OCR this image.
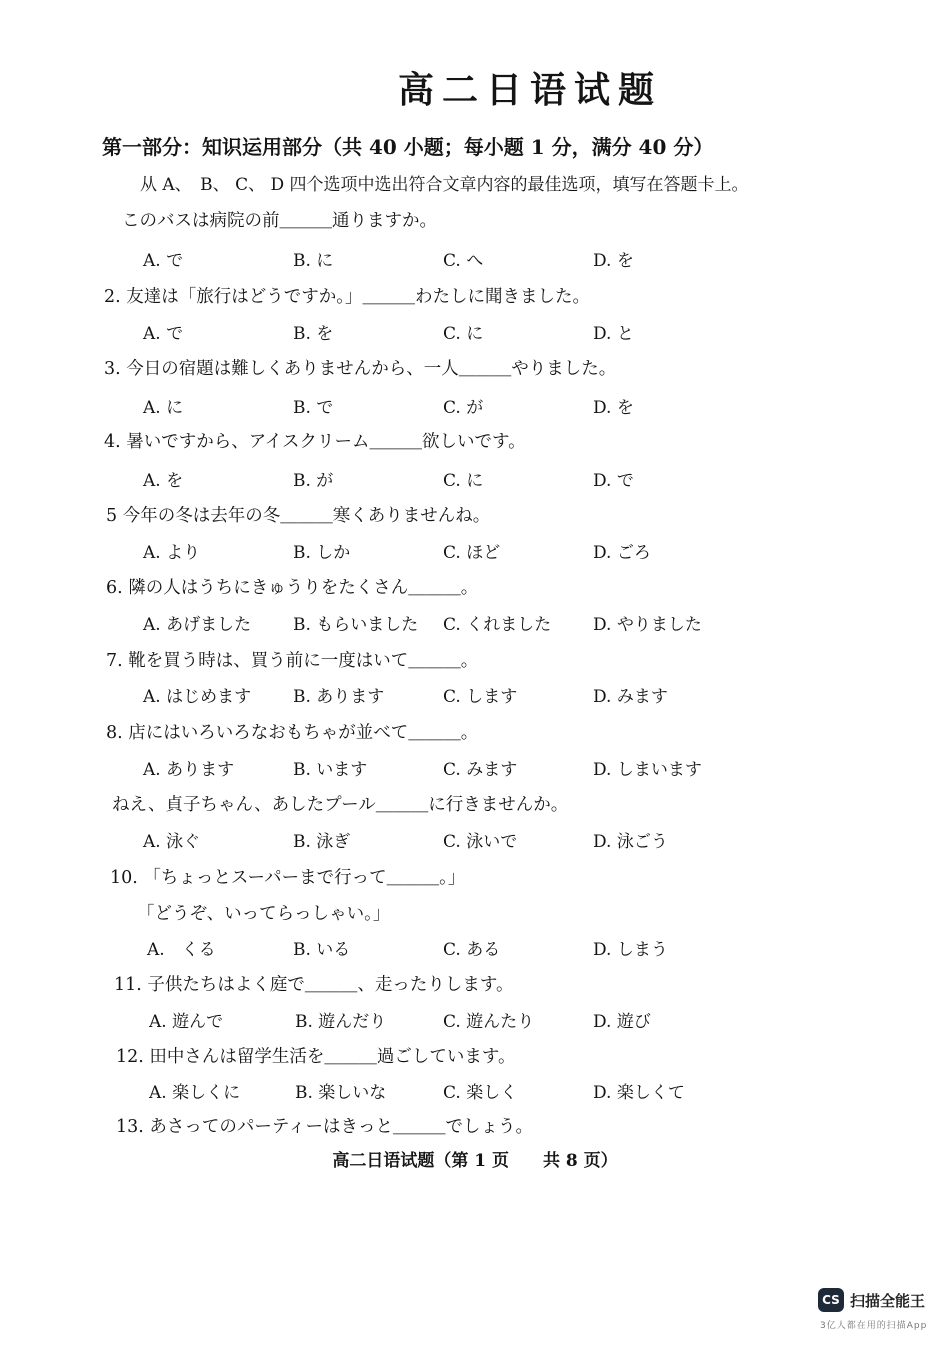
高二日语试题
第一部分：知识运用部分（共 40 小题；每小题 1 分，满分 40 分）
从 A、　B、 C、 D 四个选项中选出符合文章内容的最佳选项，填写在答题卡上。
このバスは病院の前＿＿＿通りますか。
A. で	B. に	C. へ	D. を
2. 友達は「旅行はどうですか。」＿＿＿わたしに聞きました。
A. で	B. を	C. に	D. と
3. 今日の宿題は難しくありませんから、一人＿＿＿やりました。
A. に	B. で	C. が	D. を
4. 暑いですから、アイスクリーム＿＿＿欲しいです。
A. を	B. が	C. に	D. で
5 今年の冬は去年の冬＿＿＿寒くありませんね。
A. より	B. しか	C. ほど	D. ごろ
6. 隣の人はうちにきゅうりをたくさん＿＿＿。
A. あげました B. もらいました C. くれました D. やりました
7. 靴を買う時は、買う前に一度はいて＿＿＿。
A. はじめます B. あります	C. します	D. みます
8. 店にはいろいろなおもちゃが並べて＿＿＿。
A. あります	B. います	C. みます	D. しまいます
ねえ、貞子ちゃん、あしたプール＿＿＿に行きませんか。
A. 泳ぐ	B. 泳ぎ	C. 泳いで	D. 泳ごう
10. 「ちょっとスーパーまで行って＿＿＿。」
「どうぞ、いってらっしゃい。」
A.　くる	B. いる	C. ある	D. しまう
11. 子供たちはよく庭で＿＿＿、走ったりします。
A. 遊んで	B. 遊んだり	C. 遊んたり	D. 遊び
12. 田中さんは留学生活を＿＿＿過ごしています。
A. 楽しくに	B. 楽しいな	C. 楽しく	D. 楽しくて
13. あさってのパーティーはきっと＿＿＿でしょう。
高二日语试题（第 1 页　　共 8 页）
CS 扫描全能王
3亿人都在用的扫描App
